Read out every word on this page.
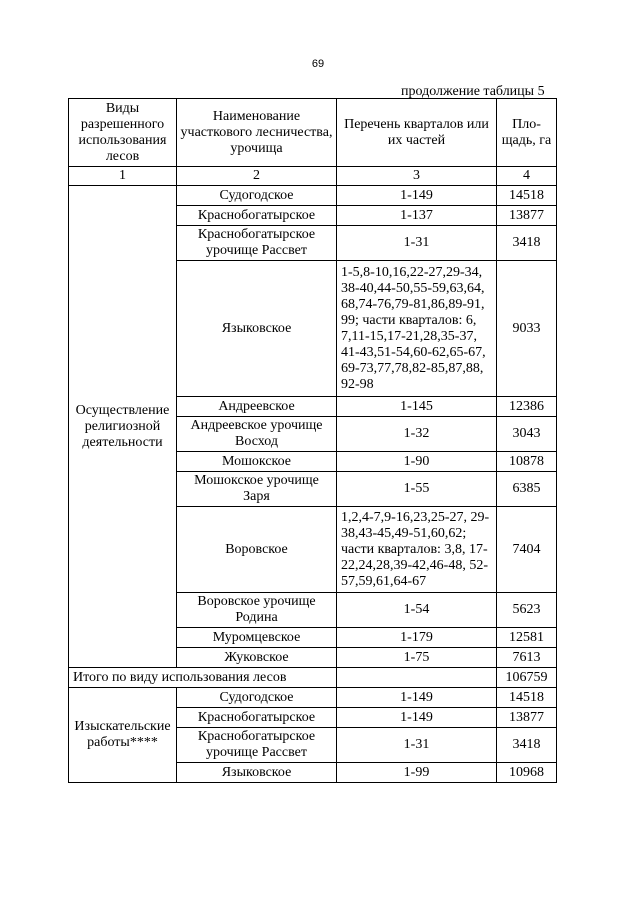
69
продолжение таблицы 5
Виды разрешенного использования лесов	Наименование участкового лесничества, урочища	Перечень кварталов или их частей	Пло-щадь, га
1	2	3	4
Осуществление религиозной деятельности	Судогодское	1-149	14518
	Краснобогатырское	1-137	13877
	Краснобогатырское урочище Рассвет	1-31	3418
	Языковское	1-5,8-10,16,22-27,29-34, 38-40,44-50,55-59,63,64, 68,74-76,79-81,86,89-91, 99; части кварталов: 6, 7,11-15,17-21,28,35-37, 41-43,51-54,60-62,65-67, 69-73,77,78,82-85,87,88, 92-98	9033
	Андреевское	1-145	12386
	Андреевское урочище Восход	1-32	3043
	Мошокское	1-90	10878
	Мошокское урочище Заря	1-55	6385
	Воровское	1,2,4-7,9-16,23,25-27, 29-38,43-45,49-51,60,62; части кварталов: 3,8, 17-22,24,28,39-42,46-48, 52-57,59,61,64-67	7404
	Воровское урочище Родина	1-54	5623
	Муромцевское	1-179	12581
	Жуковское	1-75	7613
Итого по виду использования лесов			106759
Изыскательские работы****	Судогодское	1-149	14518
	Краснобогатырское	1-149	13877
	Краснобогатырское урочище Рассвет	1-31	3418
	Языковское	1-99	10968
